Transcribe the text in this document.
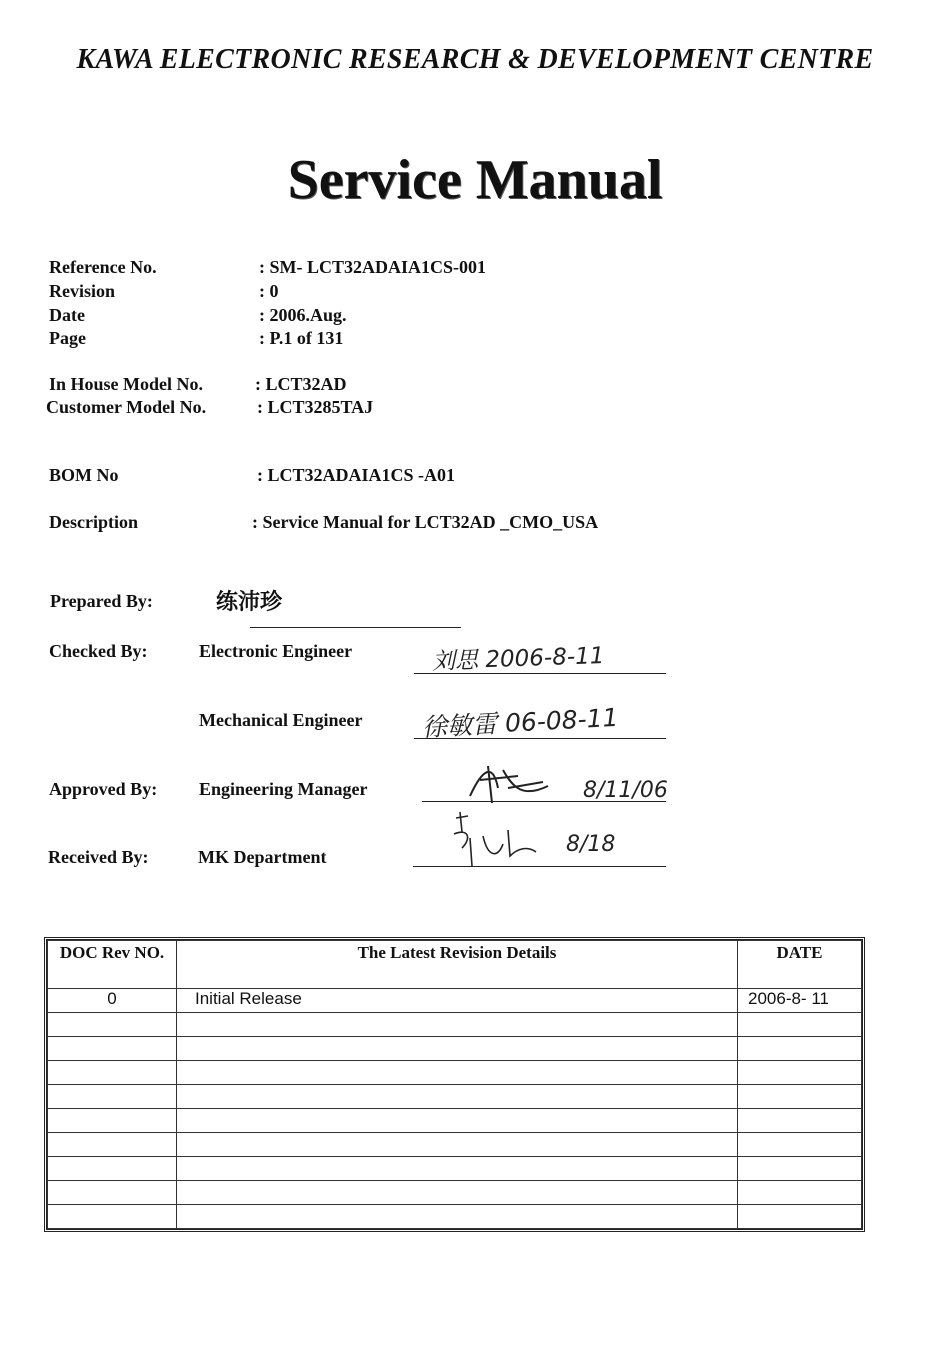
KAWA ELECTRONIC RESEARCH & DEVELOPMENT CENTRE
Service Manual
Reference No.	: SM- LCT32ADAIA1CS-001
Revision	: 0
Date	: 2006.Aug.
Page	: P.1 of 131
In House Model No.	: LCT32AD
Customer Model No.	: LCT3285TAJ
BOM No	: LCT32ADAIA1CS -A01
Description	: Service Manual for LCT32AD _CMO_USA
Prepared By:	练沛珍
Checked By:	Electronic Engineer	刘思 2006-8-11
Mechanical Engineer 徐敏雷 06-08-11
Approved By: Engineering Manager	8/11/06
Received By:	MK Department	8/18
DOC Rev NO.	The Latest Revision Details	DATE
0	Initial Release	2006-8- 11
